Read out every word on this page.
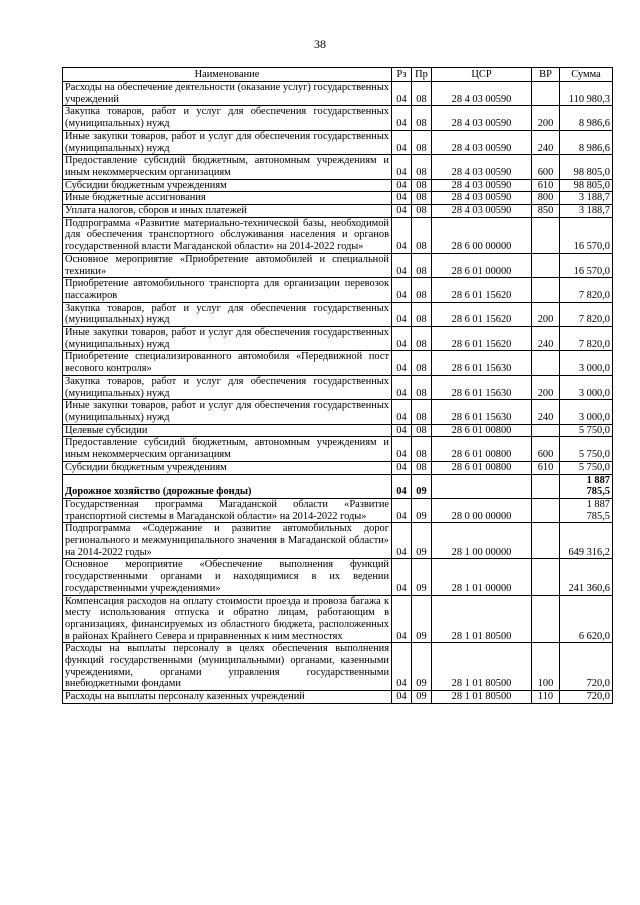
38
Наименование	Рз	Пр	ЦСР	ВР	Сумма
Расходы на обеспечение деятельности (оказание услуг) государственных учреждений	04	08	28 4 03 00590		110 980,3
Закупка товаров, работ и услуг для обеспечения государственных (муниципальных) нужд	04	08	28 4 03 00590	200	8 986,6
Иные закупки товаров, работ и услуг для обеспечения государственных (муниципальных) нужд	04	08	28 4 03 00590	240	8 986,6
Предоставление субсидий бюджетным, автономным учреждениям и иным некоммерческим организациям	04	08	28 4 03 00590	600	98 805,0
Субсидии бюджетным учреждениям	04	08	28 4 03 00590	610	98 805,0
Иные бюджетные ассигнования	04	08	28 4 03 00590	800	3 188,7
Уплата налогов, сборов и иных платежей	04	08	28 4 03 00590	850	3 188,7
Подпрограмма «Развитие материально-технической базы, необходимой для обеспечения транспортного обслуживания населения и органов государственной власти Магаданской области» на 2014-2022 годы»	04	08	28 6 00 00000		16 570,0
Основное мероприятие «Приобретение автомобилей и специальной техники»	04	08	28 6 01 00000		16 570,0
Приобретение автомобильного транспорта для организации перевозок пассажиров	04	08	28 6 01 15620		7 820,0
Закупка товаров, работ и услуг для обеспечения государственных (муниципальных) нужд	04	08	28 6 01 15620	200	7 820,0
Иные закупки товаров, работ и услуг для обеспечения государственных (муниципальных) нужд	04	08	28 6 01 15620	240	7 820,0
Приобретение специализированного автомобиля «Передвижной пост весового контроля»	04	08	28 6 01 15630		3 000,0
Закупка товаров, работ и услуг для обеспечения государственных (муниципальных) нужд	04	08	28 6 01 15630	200	3 000,0
Иные закупки товаров, работ и услуг для обеспечения государственных (муниципальных) нужд	04	08	28 6 01 15630	240	3 000,0
Целевые субсидии	04	08	28 6 01 00800		5 750,0
Предоставление субсидий бюджетным, автономным учреждениям и иным некоммерческим организациям	04	08	28 6 01 00800	600	5 750,0
Субсидии бюджетным учреждениям	04	08	28 6 01 00800	610	5 750,0
Дорожное хозяйство (дорожные фонды)	04	09			1 887 785,5
Государственная программа Магаданской области «Развитие транспортной системы в Магаданской области» на 2014-2022 годы»	04	09	28 0 00 00000		1 887 785,5
Подпрограмма «Содержание и развитие автомобильных дорог регионального и межмуниципального значения в Магаданской области» на 2014-2022 годы»	04	09	28 1 00 00000		649 316,2
Основное мероприятие «Обеспечение выполнения функций государственными органами и находящимися в их ведении государственными учреждениями»	04	09	28 1 01 00000		241 360,6
Компенсация расходов на оплату стоимости проезда и провоза багажа к месту использования отпуска и обратно лицам, работающим в организациях, финансируемых из областного бюджета, расположенных в районах Крайнего Севера и приравненных к ним местностях	04	09	28 1 01 80500		6 620,0
Расходы на выплаты персоналу в целях обеспечения выполнения функций государственными (муниципальными) органами, казенными учреждениями, органами управления государственными внебюджетными фондами	04	09	28 1 01 80500	100	720,0
Расходы на выплаты персоналу казенных учреждений	04	09	28 1 01 80500	110	720,0
